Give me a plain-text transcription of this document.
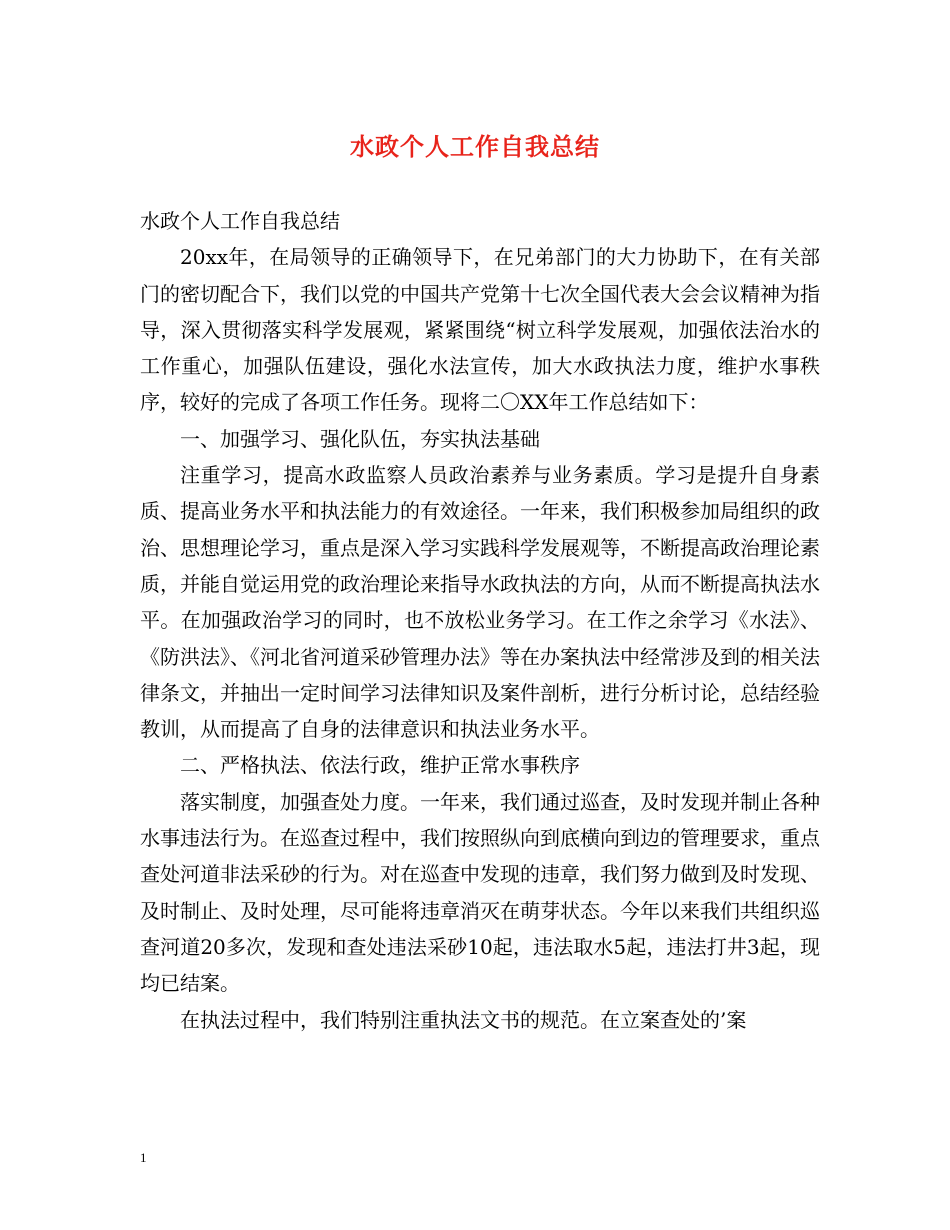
水政个人工作自我总结

水政个人工作自我总结

20xx年，在局领导的正确领导下，在兄弟部门的大力协助下，在有关部门的密切配合下，我们以党的中国共产党第十七次全国代表大会会议精神为指导，深入贯彻落实科学发展观，紧紧围绕“树立科学发展观，加强依法治水的工作重心，加强队伍建设，强化水法宣传，加大水政执法力度，维护水事秩序，较好的完成了各项工作任务。现将二〇XX年工作总结如下：

一、加强学习、强化队伍，夯实执法基础

注重学习，提高水政监察人员政治素养与业务素质。学习是提升自身素质、提高业务水平和执法能力的有效途径。一年来，我们积极参加局组织的政治、思想理论学习，重点是深入学习实践科学发展观等，不断提高政治理论素质，并能自觉运用党的政治理论来指导水政执法的方向，从而不断提高执法水平。在加强政治学习的同时，也不放松业务学习。在工作之余学习《水法》、《防洪法》、《河北省河道采砂管理办法》等在办案执法中经常涉及到的相关法律条文，并抽出一定时间学习法律知识及案件剖析，进行分析讨论，总结经验教训，从而提高了自身的法律意识和执法业务水平。

二、严格执法、依法行政，维护正常水事秩序

落实制度，加强查处力度。一年来，我们通过巡查，及时发现并制止各种水事违法行为。在巡查过程中，我们按照纵向到底横向到边的管理要求，重点查处河道非法采砂的行为。对在巡查中发现的违章，我们努力做到及时发现、及时制止、及时处理，尽可能将违章消灭在萌芽状态。今年以来我们共组织巡查河道20多次，发现和查处违法采砂10起，违法取水5起，违法打井3起，现均已结案。

在执法过程中，我们特别注重执法文书的规范。在立案查处的’案

1
